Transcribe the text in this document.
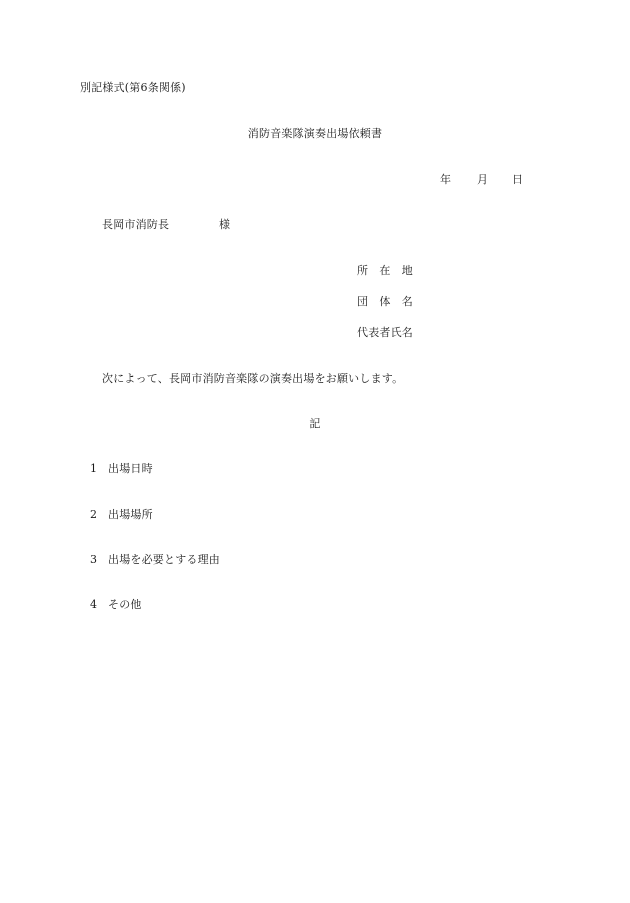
別記様式(第6条関係)
消防音楽隊演奏出場依頼書
年 月 日
長岡市消防長	様
所　在　地
団　体　名
代表者氏名
次によって、長岡市消防音楽隊の演奏出場をお願いします。
記
1 出場日時
2 出場場所
3 出場を必要とする理由
4 その他
